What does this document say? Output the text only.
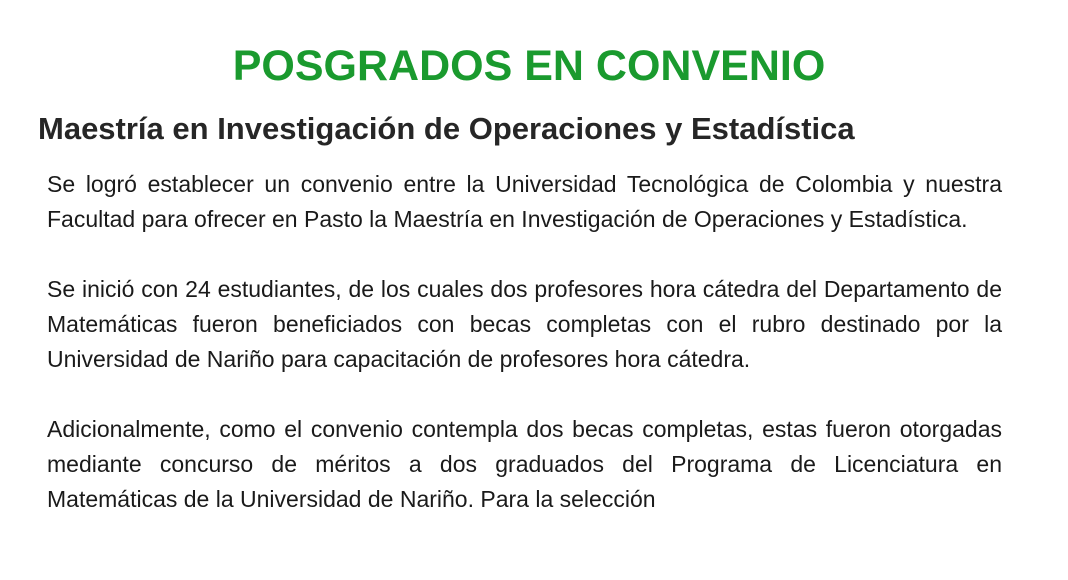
POSGRADOS EN CONVENIO
Maestría en Investigación de Operaciones y Estadística

Se logró establecer un convenio entre la Universidad Tecnológica de Colombia y nuestra Facultad para ofrecer en Pasto la Maestría en Investigación de Operaciones y Estadística.

Se inició con 24 estudiantes, de los cuales dos profesores hora cátedra del Departamento de Matemáticas fueron beneficiados con becas completas con el rubro destinado por la Universidad de Nariño para capacitación de profesores hora cátedra.

Adicionalmente, como el convenio contempla dos becas completas, estas fueron otorgadas mediante concurso de méritos a dos graduados del Programa de Licenciatura en Matemáticas de la Universidad de Nariño. Para la selección
